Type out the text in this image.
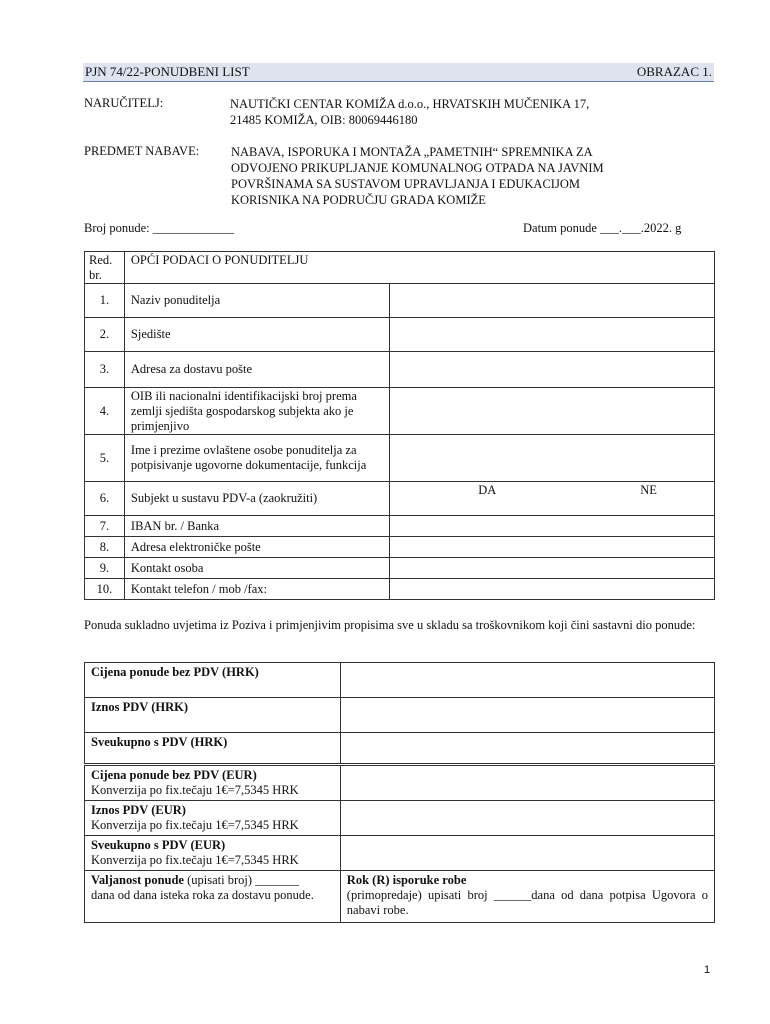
PJN 74/22-PONUDBENI LIST	OBRAZAC 1.
NARUČITELJ:	NAUTIČKI CENTAR KOMIŽA d.o.o., HRVATSKIH MUČENIKA 17,
21485 KOMIŽA, OIB: 80069446180
PREDMET NABAVE:	NABAVA, ISPORUKA I MONTAŽA „PAMETNIH“ SPREMNIKA ZA
ODVOJENO PRIKUPLJANJE KOMUNALNOG OTPADA NA JAVNIM
POVRŠINAMA SA SUSTAVOM UPRAVLJANJA I EDUKACIJOM
KORISNIKA NA PODRUČJU GRADA KOMIŽE
Broj ponude: _____________	Datum ponude ___.___.2022. g
Red. br.	OPĆI PODACI O PONUDITELJU	
1.	Naziv ponuditelja	
2.	Sjedište	
3.	Adresa za dostavu pošte	
4.	OIB ili nacionalni identifikacijski broj prema zemlji sjedišta gospodarskog subjekta ako je primjenjivo	
5.	Ime i prezime ovlaštene osobe ponuditelja za potpisivanje ugovorne dokumentacije, funkcija	
6.	Subjekt u sustavu PDV-a (zaokružiti)	DA NE

7.	IBAN br. / Banka	
8.	Adresa elektroničke pošte	
9.	Kontakt osoba	
10.	Kontakt telefon / mob /fax:	
Ponuda sukladno uvjetima iz Poziva i primjenjivim propisima sve u skladu sa troškovnikom koji čini sastavni dio ponude:
Cijena ponude bez PDV (HRK)	
Iznos PDV (HRK)	
Sveukupno s PDV (HRK)	
Cijena ponude bez PDV (EUR)
Konverzija po fix.tečaju 1€=7,5345 HRK	
Iznos PDV (EUR)
Konverzija po fix.tečaju 1€=7,5345 HRK	
Sveukupno s PDV (EUR)
Konverzija po fix.tečaju 1€=7,5345 HRK	
Valjanost ponude (upisati broj) _______
dana od dana isteka roka za dostavu ponude.	Rok (R) isporuke robe
(primopredaje) upisati broj ______dana od dana potpisa Ugovora o nabavi robe.
1
